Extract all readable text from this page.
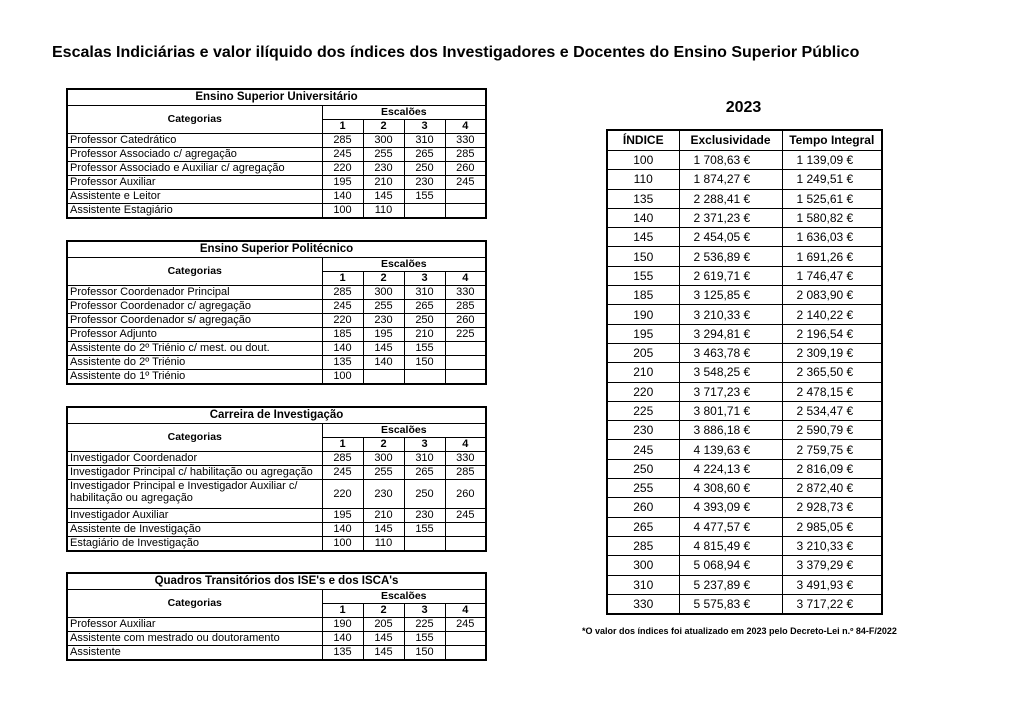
Escalas Indiciárias e valor ilíquido dos índices dos Investigadores e Docentes do Ensino Superior Público
Ensino Superior Universitário				
Categorias	Escalões			
	1	2	3	4
Professor Catedrático	285	300	310	330
Professor Associado c/ agregação	245	255	265	285
Professor Associado e Auxiliar c/ agregação	220	230	250	260
Professor Auxiliar	195	210	230	245
Assistente e Leitor	140	145	155	
Assistente Estagiário	100	110		
Ensino Superior Politécnico				
Categorias	Escalões			
	1	2	3	4
Professor Coordenador Principal	285	300	310	330
Professor Coordenador c/ agregação	245	255	265	285
Professor Coordenador s/ agregação	220	230	250	260
Professor Adjunto	185	195	210	225
Assistente do 2º Triénio c/ mest. ou dout.	140	145	155	
Assistente do 2º Triénio	135	140	150	
Assistente do 1º Triénio	100			
Carreira de Investigação				
Categorias	Escalões			
	1	2	3	4
Investigador Coordenador	285	300	310	330
Investigador Principal c/ habilitação ou agregação	245	255	265	285
Investigador Principal e Investigador Auxiliar c/ habilitação ou agregação	220	230	250	260
Investigador Auxiliar	195	210	230	245
Assistente de Investigação	140	145	155	
Estagiário de Investigação	100	110		
Quadros Transitórios dos ISE's e dos ISCA's				
Categorias	Escalões			
	1	2	3	4
Professor Auxiliar	190	205	225	245
Assistente com mestrado ou doutoramento	140	145	155	
Assistente	135	145	150	
2023
ÍNDICE	Exclusividade	Tempo Integral
100	1 708,63 €	1 139,09 €
110	1 874,27 €	1 249,51 €
135	2 288,41 €	1 525,61 €
140	2 371,23 €	1 580,82 €
145	2 454,05 €	1 636,03 €
150	2 536,89 €	1 691,26 €
155	2 619,71 €	1 746,47 €
185	3 125,85 €	2 083,90 €
190	3 210,33 €	2 140,22 €
195	3 294,81 €	2 196,54 €
205	3 463,78 €	2 309,19 €
210	3 548,25 €	2 365,50 €
220	3 717,23 €	2 478,15 €
225	3 801,71 €	2 534,47 €
230	3 886,18 €	2 590,79 €
245	4 139,63 €	2 759,75 €
250	4 224,13 €	2 816,09 €
255	4 308,60 €	2 872,40 €
260	4 393,09 €	2 928,73 €
265	4 477,57 €	2 985,05 €
285	4 815,49 €	3 210,33 €
300	5 068,94 €	3 379,29 €
310	5 237,89 €	3 491,93 €
330	5 575,83 €	3 717,22 €
*O valor dos índices foi atualizado em 2023 pelo Decreto-Lei n.º 84-F/2022
